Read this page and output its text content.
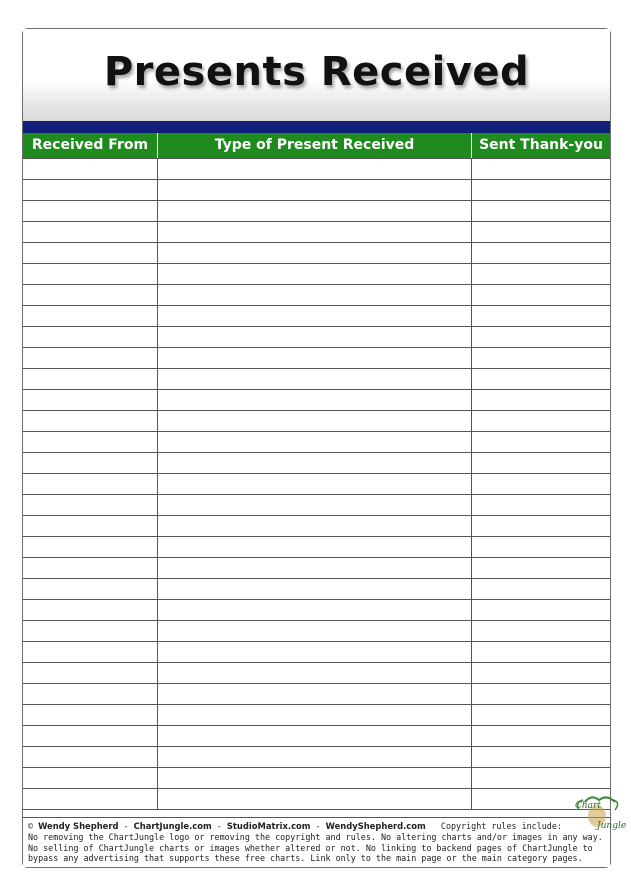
Presents Received
Received From	Type of Present Received	Sent Thank-you
© Wendy Shepherd - ChartJungle.com - StudioMatrix.com - WendyShepherd.com Copyright rules include:
No removing the ChartJungle logo or removing the copyright and rules. No altering charts and/or images in any way.
No selling of ChartJungle charts or images whether altered or not. No linking to backend pages of ChartJungle to
bypass any advertising that supports these free charts. Link only to the main page or the main category pages.
Chart
Jungle
